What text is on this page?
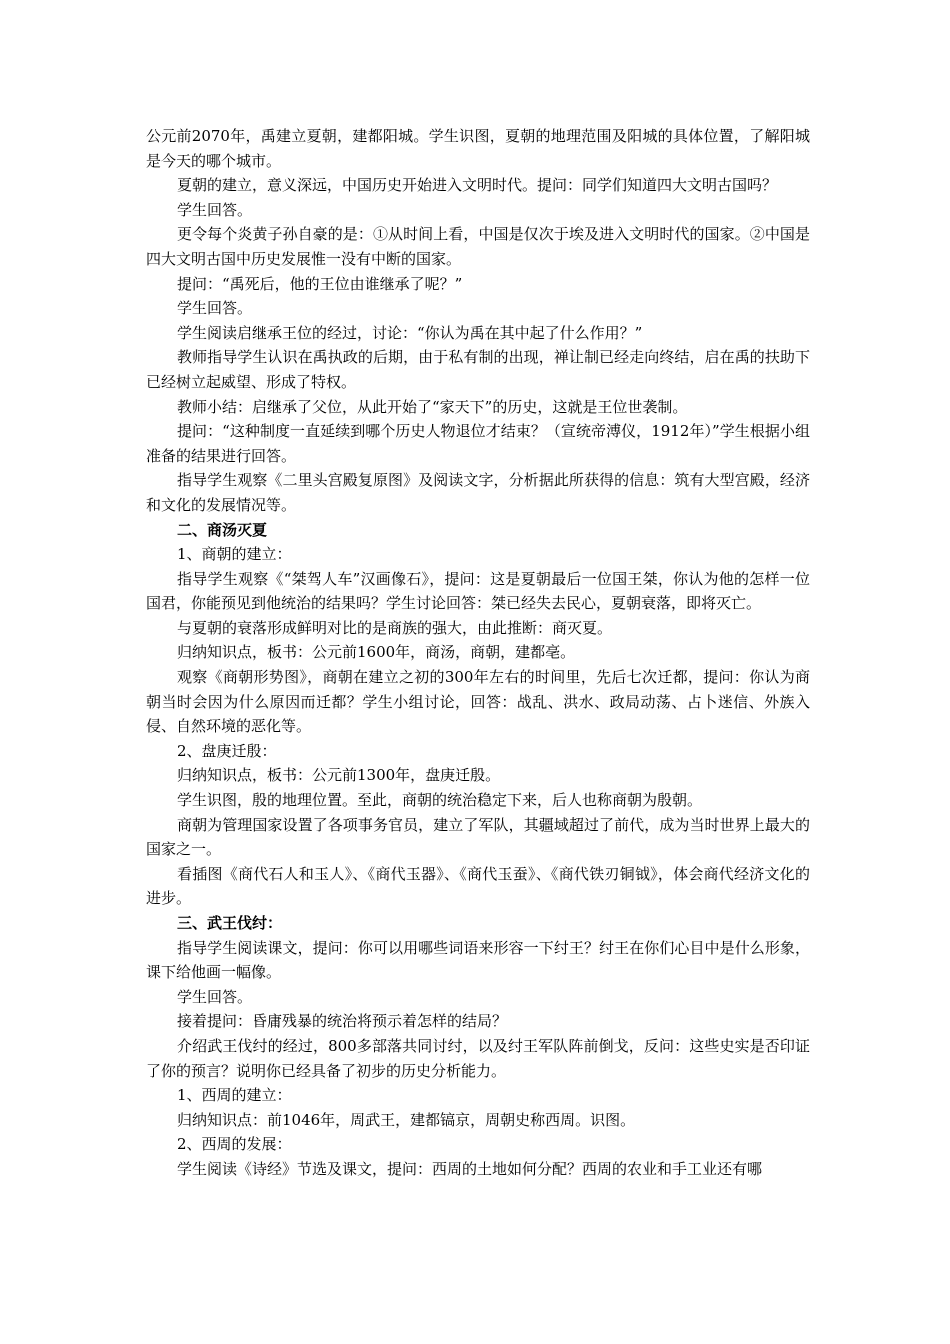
公元前2070年，禹建立夏朝，建都阳城。学生识图，夏朝的地理范围及阳城的具体位置，了解阳城是今天的哪个城市。

夏朝的建立，意义深远，中国历史开始进入文明时代。提问：同学们知道四大文明古国吗？

学生回答。

更令每个炎黄子孙自豪的是：①从时间上看，中国是仅次于埃及进入文明时代的国家。②中国是四大文明古国中历史发展惟一没有中断的国家。

提问：“禹死后，他的王位由谁继承了呢？”

学生回答。

学生阅读启继承王位的经过，讨论：“你认为禹在其中起了什么作用？”

教师指导学生认识在禹执政的后期，由于私有制的出现，禅让制已经走向终结，启在禹的扶助下已经树立起威望、形成了特权。

教师小结：启继承了父位，从此开始了“家天下”的历史，这就是王位世袭制。

提问：“这种制度一直延续到哪个历史人物退位才结束？（宣统帝溥仪，1912年）”学生根据小组准备的结果进行回答。

指导学生观察《二里头宫殿复原图》及阅读文字，分析据此所获得的信息：筑有大型宫殿，经济和文化的发展情况等。

二、商汤灭夏

1、商朝的建立：

指导学生观察《“桀驾人车”汉画像石》，提问：这是夏朝最后一位国王桀，你认为他的怎样一位国君，你能预见到他统治的结果吗？学生讨论回答：桀已经失去民心，夏朝衰落，即将灭亡。

与夏朝的衰落形成鲜明对比的是商族的强大，由此推断：商灭夏。

归纳知识点，板书：公元前1600年，商汤，商朝，建都亳。

观察《商朝形势图》，商朝在建立之初的300年左右的时间里，先后七次迁都，提问：你认为商朝当时会因为什么原因而迁都？学生小组讨论，回答：战乱、洪水、政局动荡、占卜迷信、外族入侵、自然环境的恶化等。

2、盘庚迁殷：

归纳知识点，板书：公元前1300年，盘庚迁殷。

学生识图，殷的地理位置。至此，商朝的统治稳定下来，后人也称商朝为殷朝。

商朝为管理国家设置了各项事务官员，建立了军队，其疆域超过了前代，成为当时世界上最大的国家之一。

看插图《商代石人和玉人》、《商代玉器》、《商代玉蚕》、《商代铁刃铜钺》，体会商代经济文化的进步。

三、武王伐纣：

指导学生阅读课文，提问：你可以用哪些词语来形容一下纣王？纣王在你们心目中是什么形象，课下给他画一幅像。

学生回答。

接着提问：昏庸残暴的统治将预示着怎样的结局？

介绍武王伐纣的经过，800多部落共同讨纣，以及纣王军队阵前倒戈，反问：这些史实是否印证了你的预言？说明你已经具备了初步的历史分析能力。

1、西周的建立：

归纳知识点：前1046年，周武王，建都镐京，周朝史称西周。识图。

2、西周的发展：

学生阅读《诗经》节选及课文，提问：西周的土地如何分配？西周的农业和手工业还有哪
